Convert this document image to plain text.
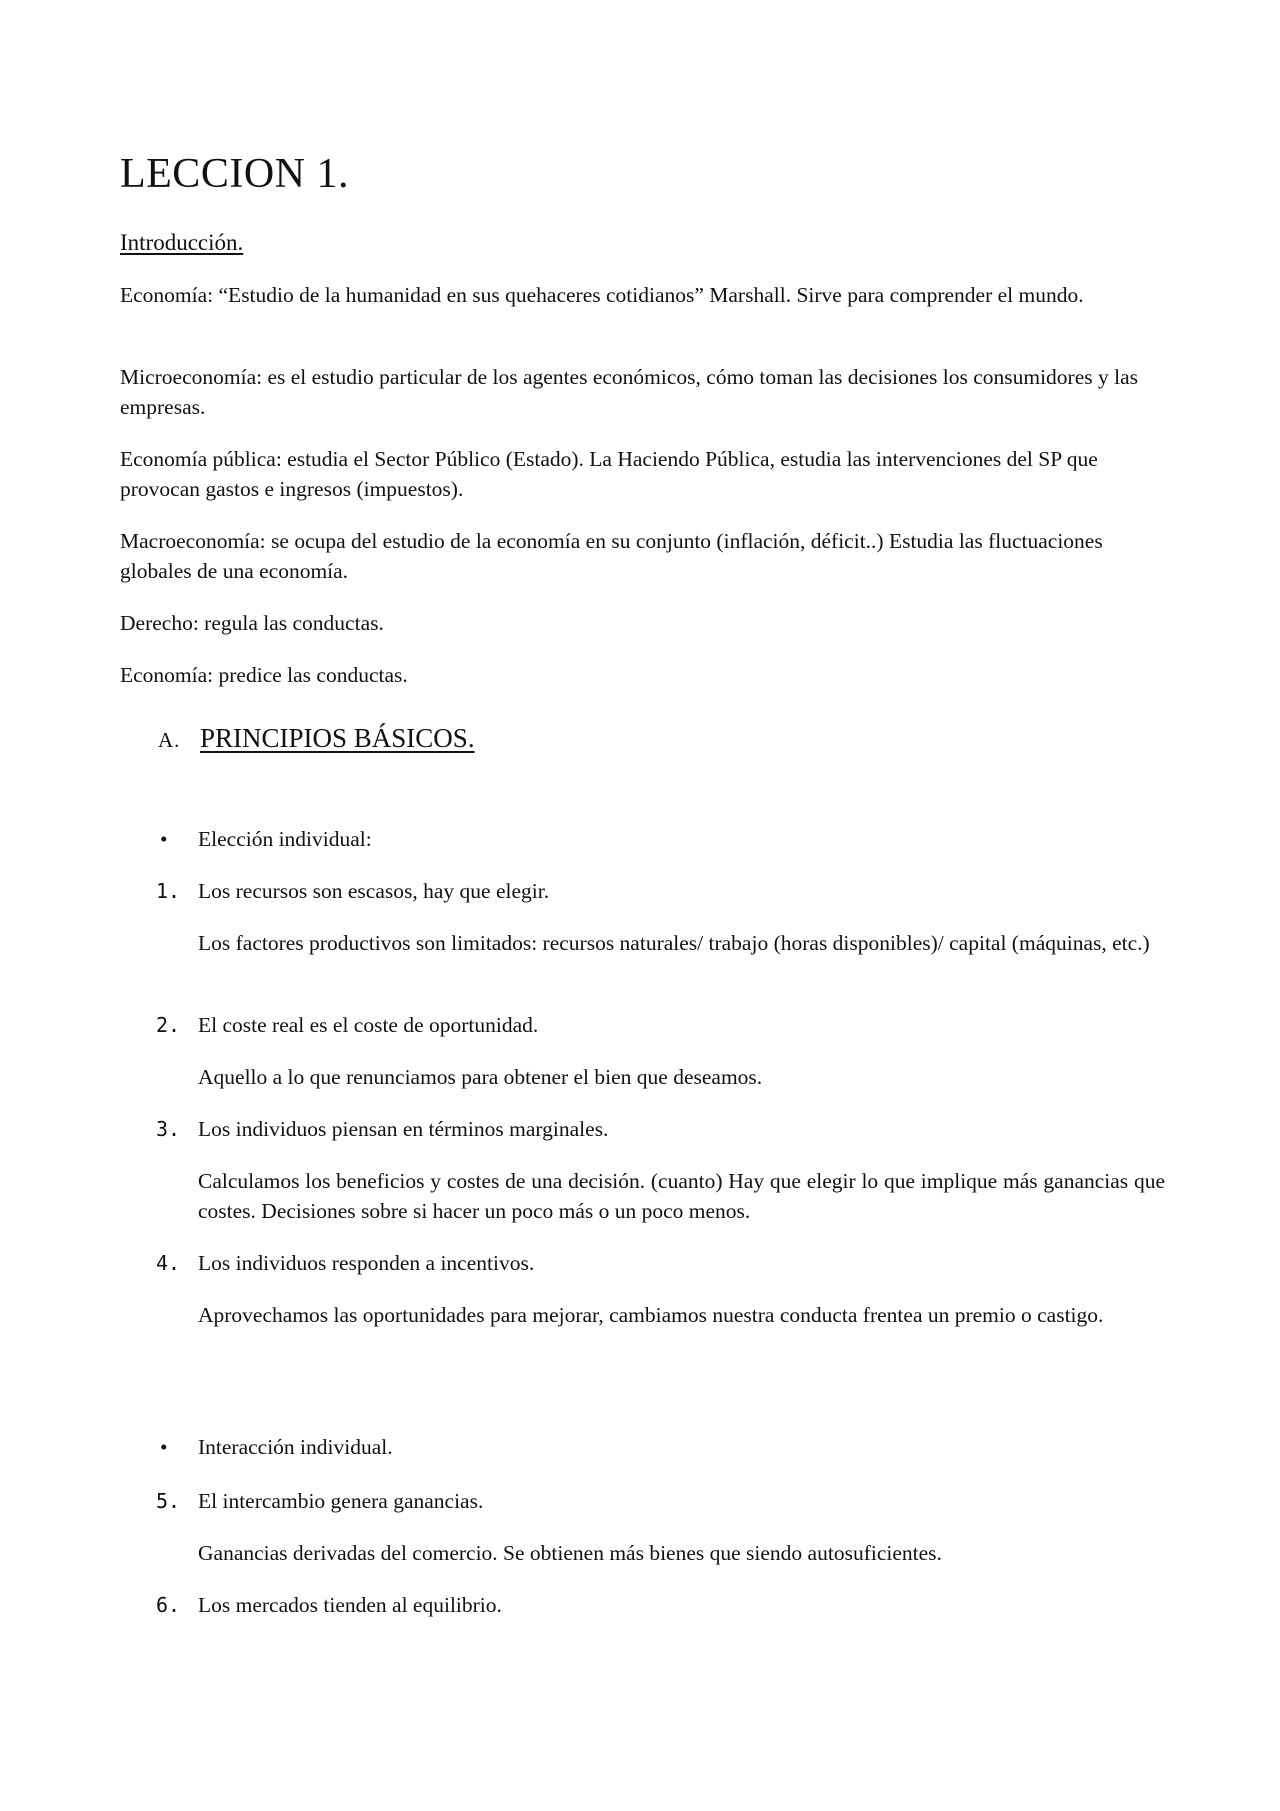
LECCION 1.
Introducción.

Economía: “Estudio de la humanidad en sus quehaceres cotidianos” Marshall. Sirve para comprender el mundo.

Microeconomía: es el estudio particular de los agentes económicos, cómo toman las decisiones los consumidores y las empresas.

Economía pública: estudia el Sector Público (Estado). La Haciendo Pública, estudia las intervenciones del SP que provocan gastos e ingresos (impuestos).

Macroeconomía: se ocupa del estudio de la economía en su conjunto (inflación, déficit..) Estudia las fluctuaciones globales de una economía.

Derecho: regula las conductas.

Economía: predice las conductas.

A. PRINCIPIOS BÁSICOS.
• Elección individual:
1. Los recursos son escasos, hay que elegir.

Los factores productivos son limitados: recursos naturales/ trabajo (horas disponibles)/ capital (máquinas, etc.)

2. El coste real es el coste de oportunidad.

Aquello a lo que renunciamos para obtener el bien que deseamos.

3. Los individuos piensan en términos marginales.

Calculamos los beneficios y costes de una decisión. (cuanto) Hay que elegir lo que implique más ganancias que costes. Decisiones sobre si hacer un poco más o un poco menos.

4. Los individuos responden a incentivos.

Aprovechamos las oportunidades para mejorar, cambiamos nuestra conducta frentea un premio o castigo.

• Interacción individual.
5. El intercambio genera ganancias.

Ganancias derivadas del comercio. Se obtienen más bienes que siendo autosuficientes.

6. Los mercados tienden al equilibrio.
